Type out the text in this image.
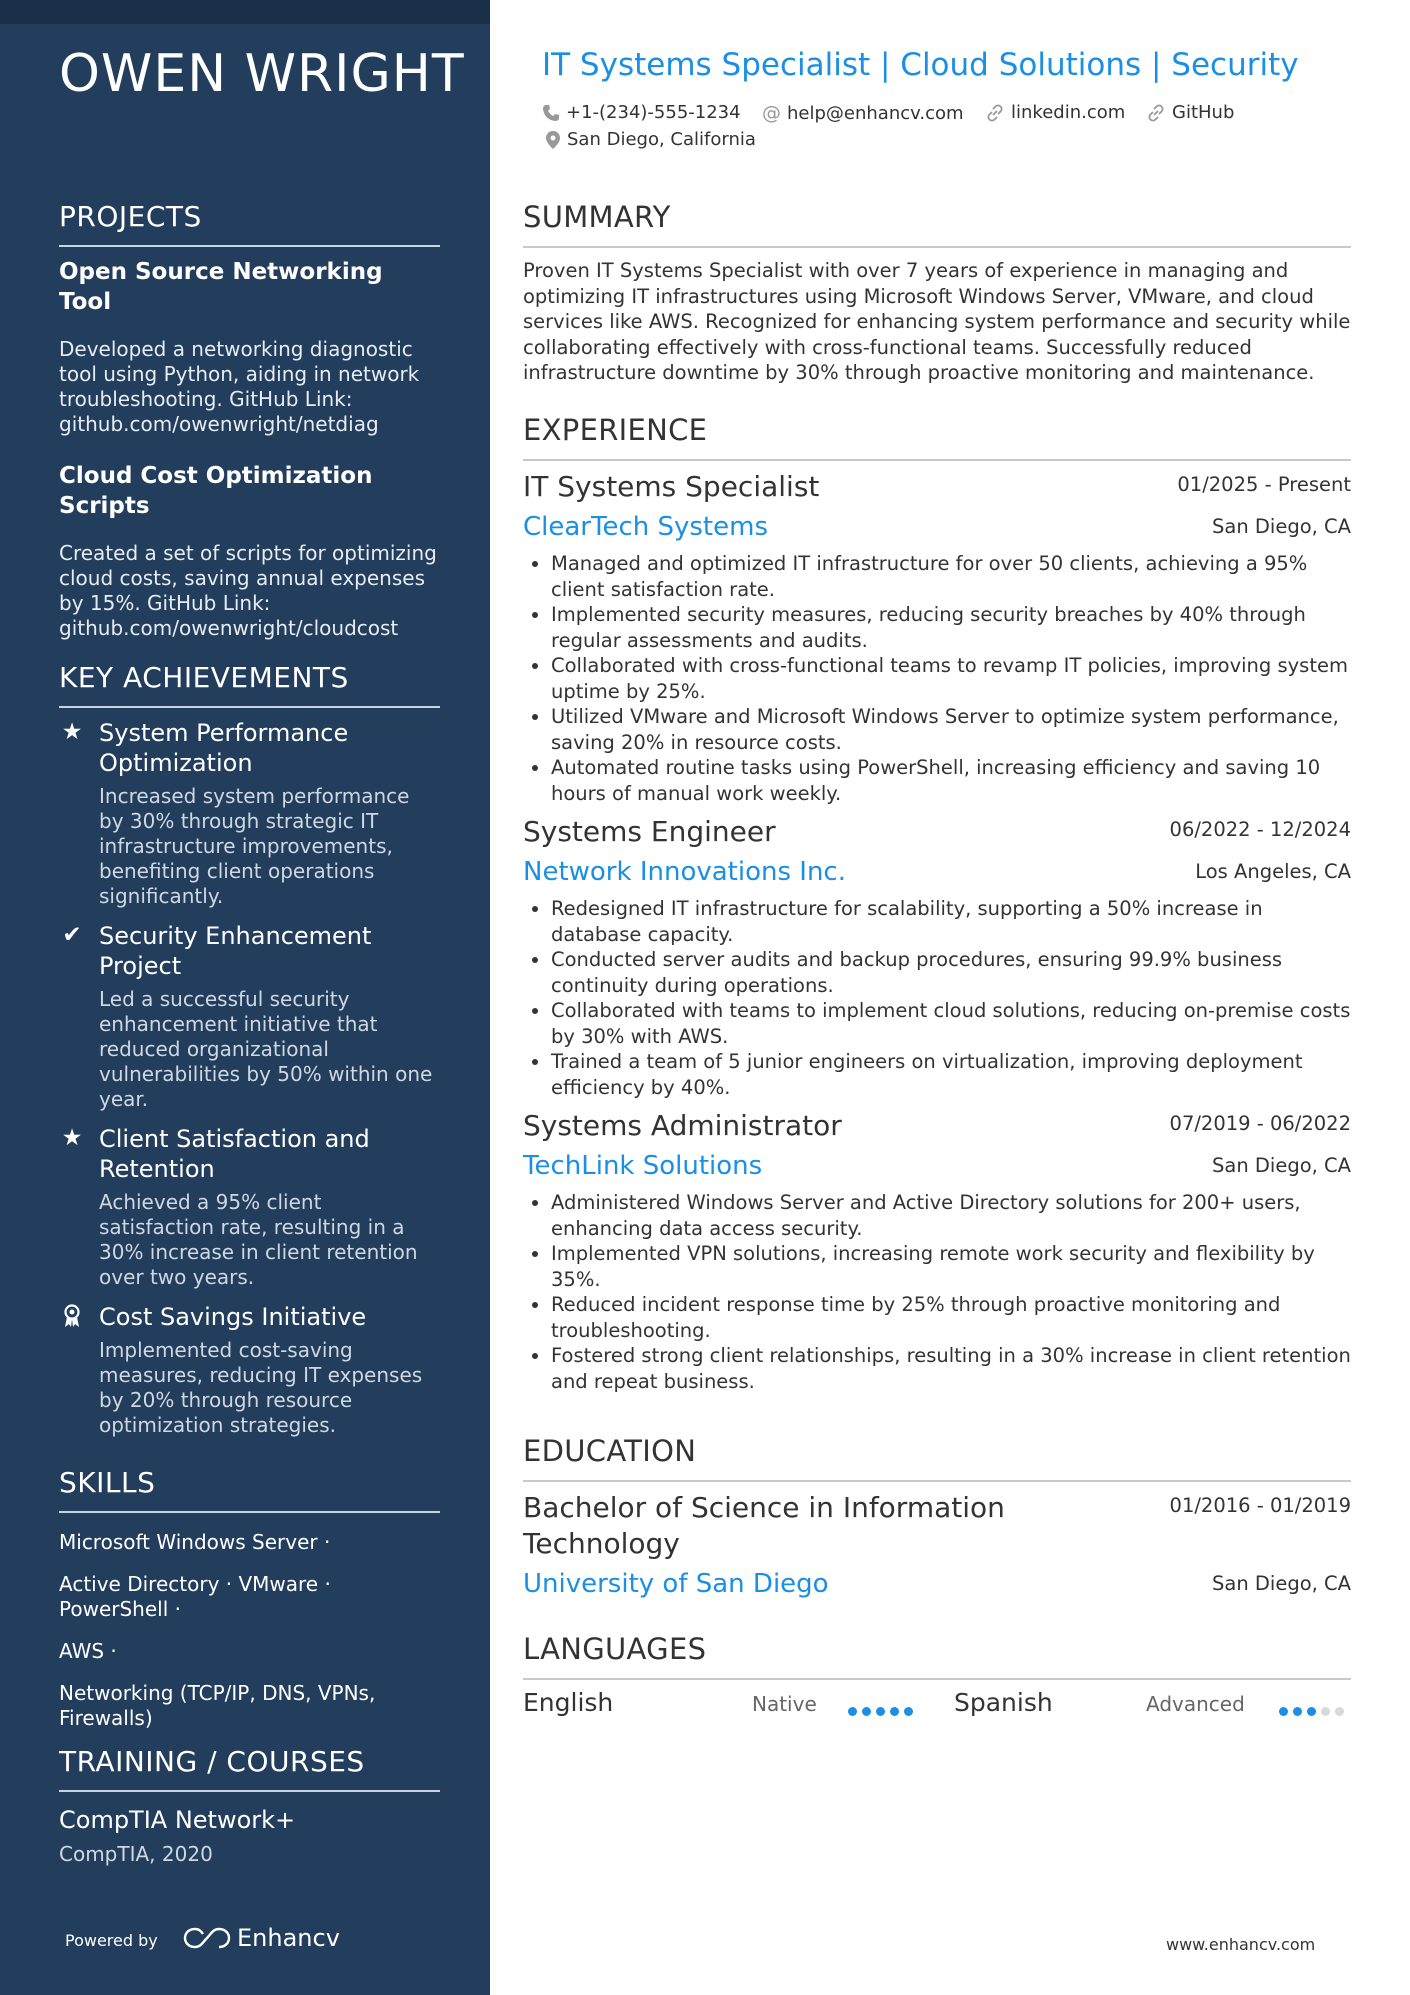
OWEN WRIGHT
PROJECTS
Open Source Networking Tool
Developed a networking diagnostic tool using Python, aiding in network troubleshooting. GitHub Link: github.com/owenwright/netdiag
Cloud Cost Optimization Scripts
Created a set of scripts for optimizing cloud costs, saving annual expenses by 15%. GitHub Link: github.com/owenwright/cloudcost
KEY ACHIEVEMENTS
★ System Performance Optimization
Increased system performance by 30% through strategic IT infrastructure improvements, benefiting client operations significantly.
✔ Security Enhancement Project
Led a successful security enhancement initiative that reduced organizational vulnerabilities by 50% within one year.
★ Client Satisfaction and Retention
Achieved a 95% client satisfaction rate, resulting in a 30% increase in client retention over two years.
Cost Savings Initiative
Implemented cost-saving measures, reducing IT expenses by 20% through resource optimization strategies.
SKILLS
Microsoft Windows Server ·
Active Directory · VMware · PowerShell ·
AWS ·
Networking (TCP/IP, DNS, VPNs, Firewalls)
TRAINING / COURSES
CompTIA Network+
CompTIA, 2020
Powered by	Enhancv
IT Systems Specialist | Cloud Solutions | Security
+1-(234)-555-1234 @ help@enhancv.com	linkedin.com	GitHub
San Diego, California
SUMMARY
Proven IT Systems Specialist with over 7 years of experience in managing and optimizing IT infrastructures using Microsoft Windows Server, VMware, and cloud services like AWS. Recognized for enhancing system performance and security while collaborating effectively with cross-functional teams. Successfully reduced infrastructure downtime by 30% through proactive monitoring and maintenance.
EXPERIENCE
IT Systems Specialist	01/2025 - Present
ClearTech Systems	San Diego, CA
• Managed and optimized IT infrastructure for over 50 clients, achieving a 95% client satisfaction rate.
• Implemented security measures, reducing security breaches by 40% through regular assessments and audits.
• Collaborated with cross-functional teams to revamp IT policies, improving system uptime by 25%.
• Utilized VMware and Microsoft Windows Server to optimize system performance, saving 20% in resource costs.
• Automated routine tasks using PowerShell, increasing efficiency and saving 10 hours of manual work weekly.
Systems Engineer	06/2022 - 12/2024
Network Innovations Inc.	Los Angeles, CA
• Redesigned IT infrastructure for scalability, supporting a 50% increase in database capacity.
• Conducted server audits and backup procedures, ensuring 99.9% business continuity during operations.
• Collaborated with teams to implement cloud solutions, reducing on-premise costs by 30% with AWS.
• Trained a team of 5 junior engineers on virtualization, improving deployment efficiency by 40%.
Systems Administrator	07/2019 - 06/2022
TechLink Solutions	San Diego, CA
• Administered Windows Server and Active Directory solutions for 200+ users, enhancing data access security.
• Implemented VPN solutions, increasing remote work security and flexibility by 35%.
• Reduced incident response time by 25% through proactive monitoring and troubleshooting.
• Fostered strong client relationships, resulting in a 30% increase in client retention and repeat business.
EDUCATION
Bachelor of Science in Information Technology
01/2016 - 01/2019
University of San Diego	San Diego, CA
LANGUAGES
English	Native	Spanish	Advanced
www.enhancv.com
